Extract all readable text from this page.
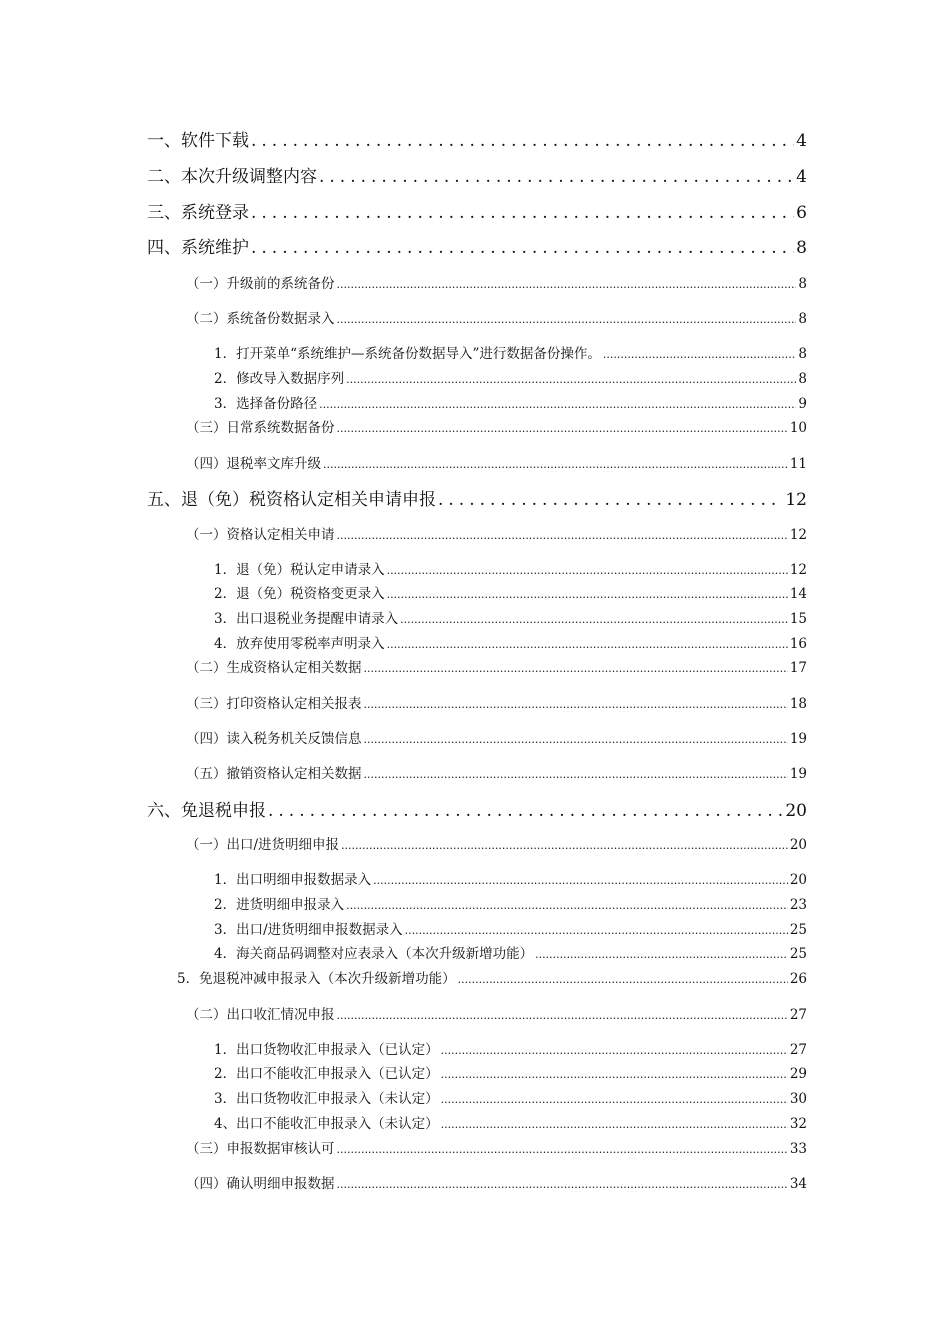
一、软件下载 .....	4
二、本次升级调整内容 .....	4
三、系统登录 .....	6
四、系统维护 .....	8
（一）升级前的系统备份 .....	8
（二）系统备份数据录入 .....	8
1．打开菜单“系统维护—系统备份数据导入”进行数据备份操作。 .....	8
2．修改导入数据序列 .....	8
3．选择备份路径 .....	9
（三）日常系统数据备份 .....	10
（四）退税率文库升级 .....	11
五、退（免）税资格认定相关申请申报 .....	12
（一）资格认定相关申请 .....	12
1．退（免）税认定申请录入 .....	12
2．退（免）税资格变更录入 .....	14
3．出口退税业务提醒申请录入 .....	15
4．放弃使用零税率声明录入 .....	16
（二）生成资格认定相关数据 .....	17
（三）打印资格认定相关报表 .....	18
（四）读入税务机关反馈信息 .....	19
（五）撤销资格认定相关数据 .....	19
六、免退税申报 .....	20
（一）出口/进货明细申报 .....	20
1．出口明细申报数据录入 .....	20
2．进货明细申报录入 .....	23
3．出口/进货明细申报数据录入 .....	25
4．海关商品码调整对应表录入（本次升级新增功能） .....	25
5．免退税冲减申报录入（本次升级新增功能） .....	26
（二）出口收汇情况申报 .....	27
1．出口货物收汇申报录入（已认定） .....	27
2．出口不能收汇申报录入（已认定） .....	29
3．出口货物收汇申报录入（未认定） .....	30
4、出口不能收汇申报录入（未认定） .....	32
（三）申报数据审核认可 .....	33
（四）确认明细申报数据 .....	34
